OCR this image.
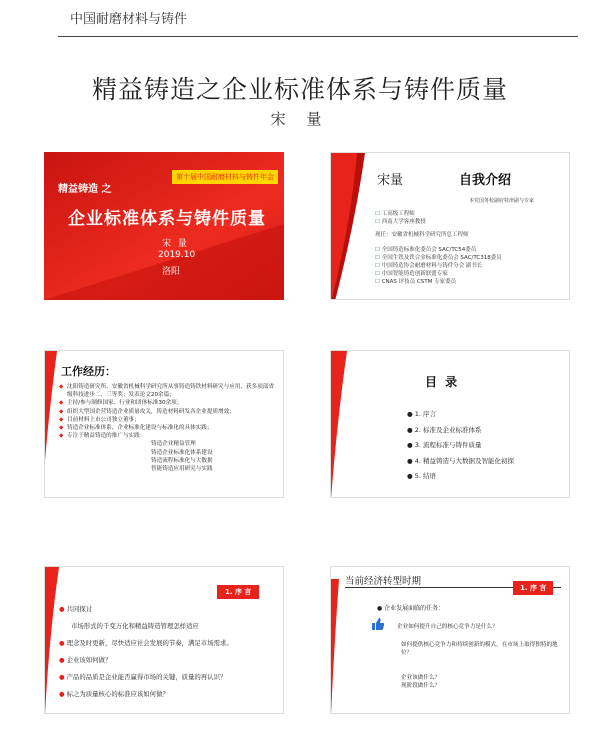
中国耐磨材料与铸件
精益铸造之企业标准体系与铸件质量
宋 量
第十届中国耐磨材料与铸件年会
精益铸造 之
企业标准体系与铸件质量
宋 量
2019.10
洛阳
宋量	自我介绍
本党国务校副府特津副与专家
☐ 工高级工程师
☐ 西南大学客座教授
现任：安徽省机械科学研究所总工程师
☐ 全国铸造标准化委员会 SAC/TC54委员
☐ 全国生铁及铁合金标准化委员会 SAC/TC318委员
☐ 中国铸造协会耐磨材料与铸件分会 副书长
☐ 中国智能铸造创新联盟专家
☐ CNAS 评技员 CSTM 专家委员
工作经历：
◆ 沈阳铸造研究所、安徽省机械科学研究所从事铸造铸铁材料研究与应用，获多项部省级科技进步二、三等奖；发表论文20余篇；
◆ 主持/参与制修国家、行业和团体标准30余项；
◆ 组织大型国企营铸造企业质量攻关，铸造材料研发各企业提质增效；
◆ 目前材料上市公司独立董事；
◆ 铸造企业标准体系、企业标准化建设与标准化的具体实践；
◆ 专注于精益铸造的推广与实践：
铸造企业精益管理
铸造企业标准化体系建设
铸造流程标准化与大数据
智能铸造应用研究与实践
目 录
● 1. 序言
● 2. 标准及企业标准体系
● 3. 流程标准与铸件质量
● 4. 精益铸造与大数据及智能化初探
● 5. 结语
1. 序 言
● 共同探讨
市场形式的千变万化和精益铸造管理怎样适应
● 理念及时更新，尽快适应社会发展的节奏，满足市场需求。
● 企业该如何做？
● 产品的品质是企业能否赢得市场的关键，质量的再认识？
● 标之为质量核心的标准应该如何做？
当前经济转型时期
1. 序 言
● 企业发展面临的任务：
企业如何提升自己的核心竞争力是什么？
如何提供核心竞争力和持续创新的模式，在市场上取得独特的地位？
企业该做什么？
现阶段做什么？
